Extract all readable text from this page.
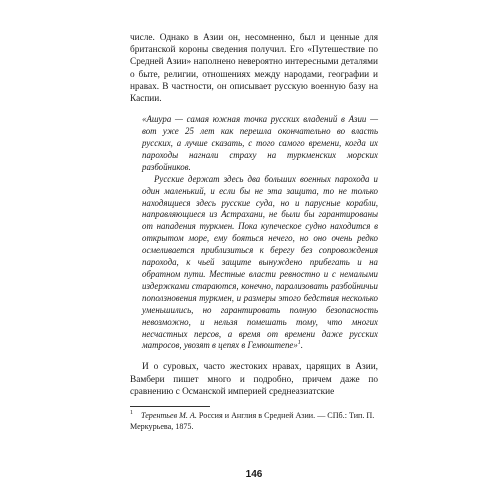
числе. Однако в Азии он, несомненно, был и ценные для британской короны сведения получил. Его «Путешествие по Средней Азии» наполнено невероятно интересными деталями о быте, религии, отношениях между народами, географии и нравах. В частности, он описывает русскую военную базу на Каспии.

«Ашура — самая южная точка русских владений в Азии — вот уже 25 лет как перешла окончательно во власть русских, а лучше сказать, с того самого времени, когда их пароходы нагнали страху на туркменских морских разбойников.

Русские держат здесь два больших военных парохода и один маленький, и если бы не эта защита, то не только находящиеся здесь русские суда, но и парусные корабли, направляющиеся из Астрахани, не были бы гарантированы от нападения туркмен. Пока купеческое судно находится в открытом море, ему бояться нечего, но оно очень редко осмеливается приблизиться к берегу без сопровождения парохода, к чьей защите вынуждено прибегать и на обратном пути. Местные власти ревностно и с немалыми издержками стараются, конечно, парализовать разбойничьи поползновения туркмен, и размеры этого бедствия несколько уменьшились, но гарантировать полную безопасность невозможно, и нельзя помешать тому, что многих несчастных персов, а время от времени даже русских матросов, увозят в цепях в Гемюштепе»$^1$.

И о суровых, часто жестоких нравах, царящих в Азии, Вамбери пишет много и подробно, причем даже по сравнению с Османской империей среднеазиатские

$^1$ Терентьев М. А. Россия и Англия в Средней Азии. — СПб.: Тип. П. Меркурьева, 1875.

146
